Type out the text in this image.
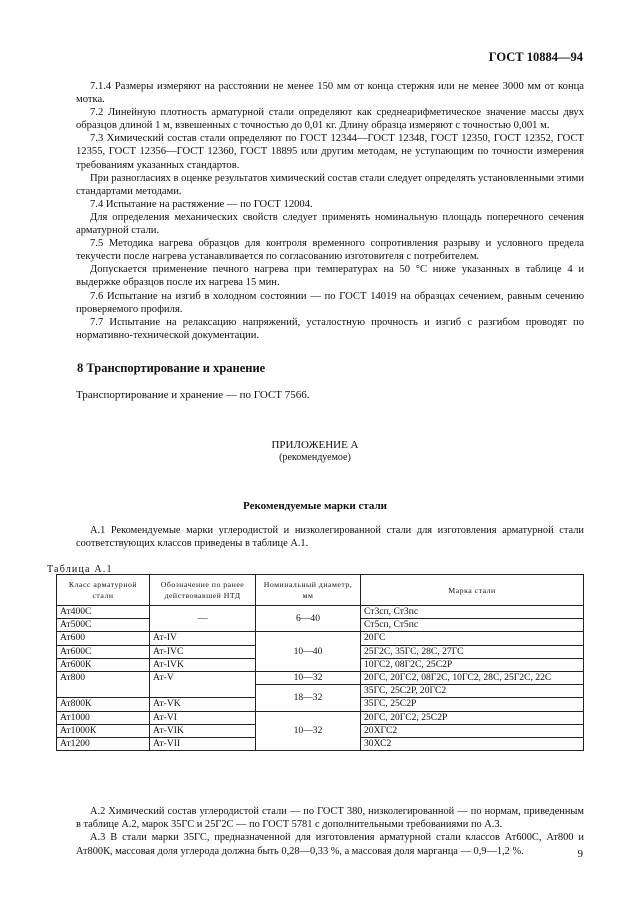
ГОСТ 10884—94

7.1.4 Размеры измеряют на расстоянии не менее 150 мм от конца стержня или не менее 3000 мм от конца мотка.

7.2 Линейную плотность арматурной стали определяют как среднеарифметическое значение массы двух образцов длиной 1 м, взвешенных с точностью до 0,01 кг. Длину образца измеряют с точностью 0,001 м.

7.3 Химический состав стали определяют по ГОСТ 12344—ГОСТ 12348, ГОСТ 12350, ГОСТ 12352, ГОСТ 12355, ГОСТ 12356—ГОСТ 12360, ГОСТ 18895 или другим методам, не уступающим по точности измерения требованиям указанных стандартов.

При разногласиях в оценке результатов химический состав стали следует определять установленными этими стандартами методами.

7.4 Испытание на растяжение — по ГОСТ 12004.

Для определения механических свойств следует применять номинальную площадь поперечного сечения арматурной стали.

7.5 Методика нагрева образцов для контроля временного сопротивления разрыву и условного предела текучести после нагрева устанавливается по согласованию изготовителя с потребителем.

Допускается применение печного нагрева при температурах на 50 °С ниже указанных в таблице 4 и выдержке образцов после их нагрева 15 мин.

7.6 Испытание на изгиб в холодном состоянии — по ГОСТ 14019 на образцах сечением, равным сечению проверяемого профиля.

7.7 Испытание на релаксацию напряжений, усталостную прочность и изгиб с разгибом проводят по нормативно-технической документации.

8 Транспортирование и хранение
Транспортирование и хранение — по ГОСТ 7566.
ПРИЛОЖЕНИЕ А
(рекомендуемое)
Рекомендуемые марки стали

А.1 Рекомендуемые марки углеродистой и низколегированной стали для изготовления арматурной стали соответствующих классов приведены в таблице А.1.

Таблица А.1
Класс арматурной стали	Обозначение по ранее действовавшей НТД	Номинальный диаметр, мм	Марка стали
Ат400С	—	6—40	Ст3сп, Ст3пс
Ат500С			Ст5сп, Ст5пс
Ат600	Ат-IV	10—40	20ГС
Ат600С	Ат-IVC		25Г2С, 35ГС, 28С, 27ГС
Ат600К	Ат-IVK		10ГС2, 08Г2С, 25С2Р
Ат800	Ат-V	10—32	20ГС, 20ГС2, 08Г2С, 10ГС2, 28С, 25Г2С, 22С
		18—32	35ГС, 25С2Р, 20ГС2
Ат800К	Ат-VK		35ГС, 25С2Р
Ат1000	Ат-VI	10—32	20ГС, 20ГС2, 25С2Р
Ат1000К	Ат-VIK		20ХГС2
Ат1200	Ат-VII		30ХС2

А.2 Химический состав углеродистой стали — по ГОСТ 380, низколегированной — по нормам, приведенным в таблице А.2, марок 35ГС и 25Г2С — по ГОСТ 5781 с дополнительными требованиями по А.3.

А.3 В стали марки 35ГС, предназначенной для изготовления арматурной стали классов Ат600С, Ат800 и Ат800К, массовая доля углерода должна быть 0,28—0,33 %, а массовая доля марганца — 0,9—1,2 %.	9
